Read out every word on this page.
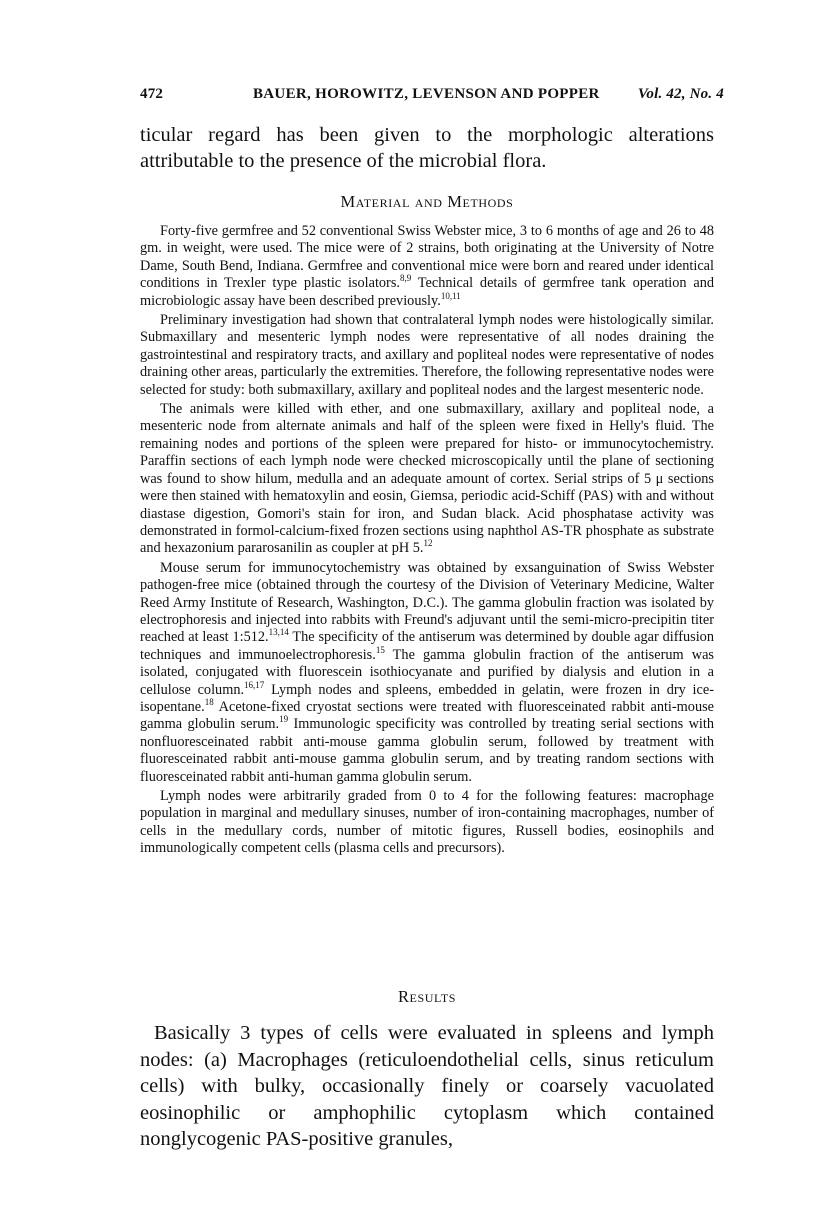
472	BAUER, HOROWITZ, LEVENSON AND POPPER	Vol. 42, No. 4
ticular regard has been given to the morphologic alterations attributable to the presence of the microbial flora.
Material and Methods

Forty-five germfree and 52 conventional Swiss Webster mice, 3 to 6 months of age and 26 to 48 gm. in weight, were used. The mice were of 2 strains, both originating at the University of Notre Dame, South Bend, Indiana. Germfree and conventional mice were born and reared under identical conditions in Trexler type plastic isolators.$^{8,9}$ Technical details of germfree tank operation and microbiologic assay have been described previously.$^{10,11}$

Preliminary investigation had shown that contralateral lymph nodes were histologically similar. Submaxillary and mesenteric lymph nodes were representative of all nodes draining the gastrointestinal and respiratory tracts, and axillary and popliteal nodes were representative of nodes draining other areas, particularly the extremities. Therefore, the following representative nodes were selected for study: both submaxillary, axillary and popliteal nodes and the largest mesenteric node.

The animals were killed with ether, and one submaxillary, axillary and popliteal node, a mesenteric node from alternate animals and half of the spleen were fixed in Helly's fluid. The remaining nodes and portions of the spleen were prepared for histo- or immunocytochemistry. Paraffin sections of each lymph node were checked microscopically until the plane of sectioning was found to show hilum, medulla and an adequate amount of cortex. Serial strips of 5 μ sections were then stained with hematoxylin and eosin, Giemsa, periodic acid-Schiff (PAS) with and without diastase digestion, Gomori's stain for iron, and Sudan black. Acid phosphatase activity was demonstrated in formol-calcium-fixed frozen sections using naphthol AS-TR phosphate as substrate and hexazonium pararosanilin as coupler at pH 5.12

Mouse serum for immunocytochemistry was obtained by exsanguination of Swiss Webster pathogen-free mice (obtained through the courtesy of the Division of Veterinary Medicine, Walter Reed Army Institute of Research, Washington, D.C.). The gamma globulin fraction was isolated by electrophoresis and injected into rabbits with Freund's adjuvant until the semi-micro-precipitin titer reached at least 1:512.$^{13,14}$ The specificity of the antiserum was determined by double agar diffusion techniques and immunoelectrophoresis.$^{15}$ The gamma globulin fraction of the antiserum was isolated, conjugated with fluorescein isothiocyanate and purified by dialysis and elution in a cellulose column.$^{16,17}$ Lymph nodes and spleens, embedded in gelatin, were frozen in dry ice-isopentane.$^{18}$ Acetone-fixed cryostat sections were treated with fluoresceinated rabbit anti-mouse gamma globulin serum.$^{19}$ Immunologic specificity was controlled by treating serial sections with nonfluoresceinated rabbit anti-mouse gamma globulin serum, followed by treatment with fluoresceinated rabbit anti-mouse gamma globulin serum, and by treating random sections with fluoresceinated rabbit anti-human gamma globulin serum.

Lymph nodes were arbitrarily graded from 0 to 4 for the following features: macrophage population in marginal and medullary sinuses, number of iron-containing macrophages, number of cells in the medullary cords, number of mitotic figures, Russell bodies, eosinophils and immunologically competent cells (plasma cells and precursors).

Results

Basically 3 types of cells were evaluated in spleens and lymph nodes: (a) Macrophages (reticuloendothelial cells, sinus reticulum cells) with bulky, occasionally finely or coarsely vacuolated eosinophilic or amphophilic cytoplasm which contained nonglycogenic PAS-positive granules,
